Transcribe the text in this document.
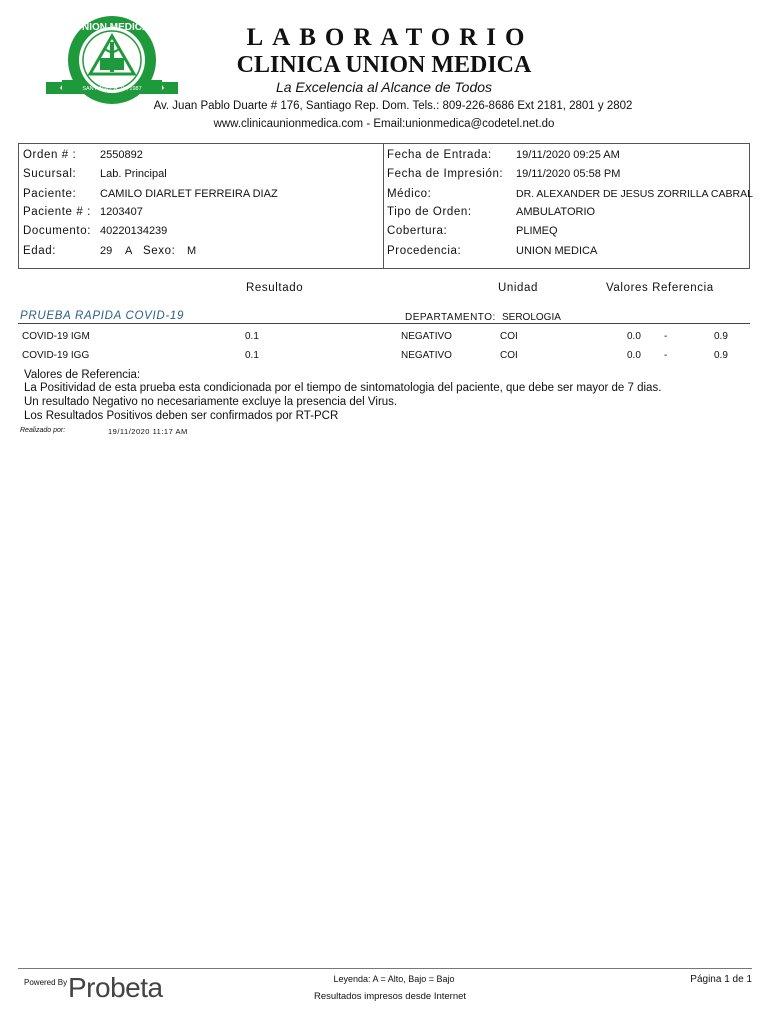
SANTIAGO, R. D., 1987
UNION MEDICA	LABORATORIO
CLINICA UNION MEDICA
La Excelencia al Alcance de Todos
Av. Juan Pablo Duarte # 176, Santiago Rep. Dom. Tels.: 809-226-8686 Ext 2181, 2801 y 2802
www.clinicaunionmedica.com - Email:unionmedica@codetel.net.do
Orden # : 2550892
Sucursal: Lab. Principal
Paciente: CAMILO DIARLET FERREIRA DIAZ
Paciente # : 1203407
Documento: 40220134239
Edad:	29 A Sexo: M
Fecha de Entrada: 19/11/2020 09:25 AM
Fecha de Impresión: 19/11/2020 05:58 PM
Médico:	DR. ALEXANDER DE JESUS ZORRILLA CABRAL
Tipo de Orden:	AMBULATORIO
Cobertura:	PLIMEQ
Procedencia:	UNION MEDICA
Resultado	Unidad	Valores Referencia
PRUEBA RAPIDA COVID-19	DEPARTAMENTO: SEROLOGIA
COVID-19 IGM	0.1	NEGATIVO	COI	0.0 -	0.9
COVID-19 IGG	0.1	NEGATIVO	COI	0.0 -	0.9
Valores de Referencia:
La Positividad de esta prueba esta condicionada por el tiempo de sintomatologia del paciente, que debe ser mayor de 7 dias.
Un resultado Negativo no necesariamente excluye la presencia del Virus.
Los Resultados Positivos deben ser confirmados por RT-PCR
Realizado por:	19/11/2020 11:17 AM
Powered By Probeta	Leyenda: A = Alto, Bajo = Bajo
Resultados impresos desde Internet
Página 1 de 1
